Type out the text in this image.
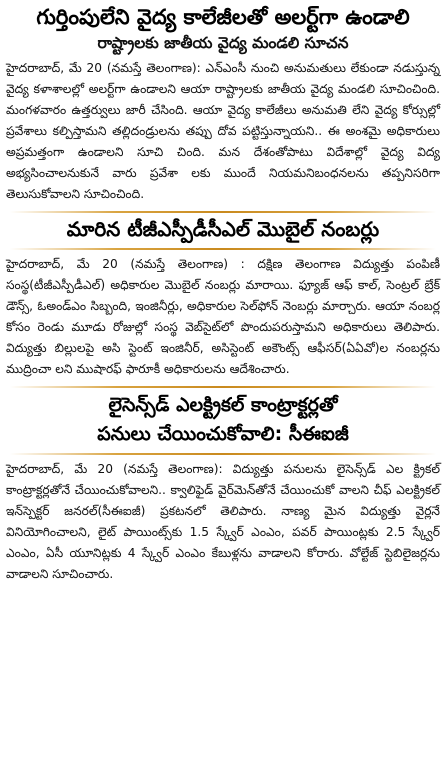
గుర్తింపులేని వైద్య కాలేజీలతో అలర్ట్‌గా ఉండాలి
రాష్ట్రాలకు జాతీయ వైద్య మండలి సూచన

హైదరాబాద్, మే 20 (నమస్తే తెలంగాణ): ఎన్ఎంసీ నుంచి అనుమతులు లేకుండా నడుస్తున్న వైద్య కళాశాలల్లో అలర్ట్‌గా ఉండాలని ఆయా రాష్ట్రాలకు జాతీయ వైద్య మండలి సూచించింది. మంగళవారం ఉత్తర్వులు జారీ చేసింది. ఆయా వైద్య కాలేజీలు అనుమతి లేని వైద్య కోర్సుల్లో ప్రవేశాలు కల్పిస్తామని తల్లిదండ్రులను తప్పు దోవ పట్టిస్తున్నాయని.. ఈ అంశమై అధికారులు అప్రమత్తంగా ఉండాలని సూచి చింది. మన దేశంతోపాటు విదేశాల్లో వైద్య విద్య అభ్యసించాలనుకునే వారు ప్రవేశా లకు ముందే నియమనిబంధనలను తప్పనిసరిగా తెలుసుకోవాలని సూచించింది.

మారిన టీజీఎస్పీడీసీఎల్ మొబైల్ నంబర్లు

హైదరాబాద్, మే 20 (నమస్తే తెలంగాణ) : దక్షిణ తెలంగాణ విద్యుత్తు పంపిణీ సంస్థ(టీజీఎస్పీడీఎల్) అధికారుల మొబైల్ నంబర్లు మారాయి. ఫ్యూజ్ ఆఫ్ కాల్, సెంట్రల్ బ్రేక్ డౌన్స్, ఓఅండ్ఎం సిబ్బంది, ఇంజినీర్లు, అధికారుల సెల్‌ఫోన్ నెంబర్లు మార్చారు. ఆయా నంబర్ల కోసం రెండు మూడు రోజుల్లో సంస్థ వెబ్‌సైట్‌లో పొందుపరుస్తామని అధికారులు తెలిపారు. విద్యుత్తు బిల్లులపై అసి స్టెంట్ ఇంజినీర్, అసిస్టెంట్ అకౌంట్స్ ఆఫీసర్(ఏఏవో)ల నంబర్లను ముద్రించా లని ముషారఫ్ ఫారూకీ అధికారులను ఆదేశించారు.

లైసెన్స్‌డ్ ఎలక్ట్రికల్ కాంట్రాక్టర్లతో
పనులు చేయించుకోవాలి: సీఈఐజీ

హైదరాబాద్, మే 20 (నమస్తే తెలంగాణ): విద్యుత్తు పనులను లైసెన్స్‌డ్ ఎల క్ట్రికల్ కాంట్రాక్టర్లతోనే చేయించుకోవాలని.. క్వాలిఫైడ్ వైర్‌మెన్‌తోనే చేయించుకో వాలని చీఫ్ ఎలక్ట్రికల్ ఇన్‌స్పెక్టర్ జనరల్(సీఈఐజీ) ప్రకటనలో తెలిపారు. నాణ్య మైన విద్యుత్తు వైర్లనే వినియోగించాలని, లైట్ పాయింట్స్‌కు 1.5 స్క్వేర్ ఎంఎం, పవర్ పాయింట్లకు 2.5 స్క్వేర్ ఎంఎం, ఏసీ యూనిట్లకు 4 స్క్వేర్ ఎంఎం కేబుళ్లను వాడాలని కోరారు. వోల్టేజ్ స్టెబిలైజర్లను వాడాలని సూచించారు.
